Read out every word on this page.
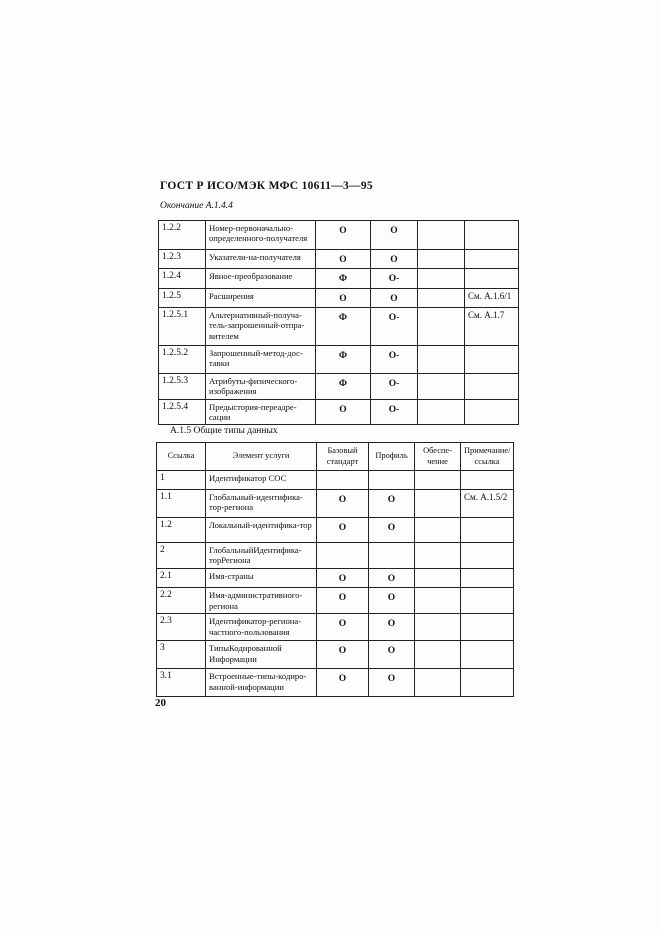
ГОСТ Р ИСО/МЭК МФС 10611—3—95
Окончание А.1.4.4
1.2.2	Номер-первоначально-определенного-получателя	О	О		
1.2.3	Указатели-на-получателя	О	О		
1.2.4	Явное-преобразование	Ф	О-		
1.2.5	Расширения	О	О		См. А.1.6/1
1.2.5.1	Альтернативный-получа-тель-запрошенный-отпра-вителем	Ф	О-		См. А.1.7
1.2.5.2	Запрошенный-метод-дос-тавки	Ф	О-		
1.2.5.3	Атрибуты-физического-изображения	Ф	О-		
1.2.5.4	Предыстория-переадре-сации	О	О-		
А.1.5 Общие типы данных
Ссылка	Элемент услуги	Базовый стандарт	Профиль	Обеспе-чение	Примечание/ ссылка
1	Идентификатор СОС				
1.1	Глобальный-идентифика-тор-региона	О	О		См. А.1.5/2
1.2	Локальный-идентифика-тор	О	О		
2	ГлобальныйИдентифика-торРегиона				
2.1	Имя-страны	О	О		
2.2	Имя-административного-региона	О	О		
2.3	Идентификатор-региона-частного-пользования	О	О		
3	ТипыКодированной Информации	О	О		
3.1	Встроенные-типы-кодиро-ванной-информации	О	О		
20
